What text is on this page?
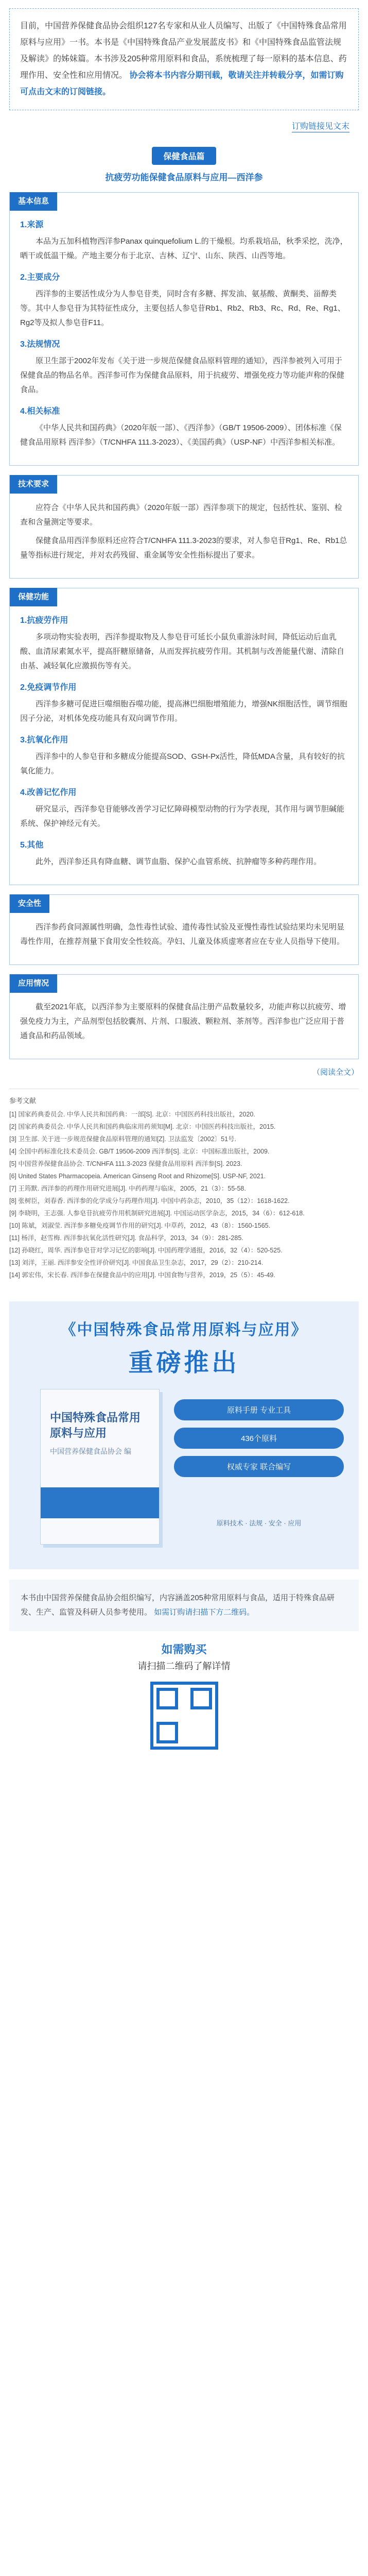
目前，中国营养保健食品协会组织127名专家和从业人员编写、出版了《中国特殊食品常用原料与应用》一书。本书是《中国特殊食品产业发展蓝皮书》和《中国特殊食品监管法规及解读》的姊妹篇。本书涉及205种常用原料和食品，系统梳理了每一原料的基本信息、药理作用、安全性和应用情况。 协会将本书内容分期刊载，敬请关注并转载分享，如需订购可点击文末的订阅链接。
订购链接见文末
保健食品篇
抗疲劳功能保健食品原料与应用—西洋参
基本信息
1.来源

本品为五加科植物西洋参Panax quinquefolium L.的干燥根。均系栽培品，秋季采挖，洗净，晒干或低温干燥。产地主要分布于北京、吉林、辽宁、山东、陕西、山西等地。

2.主要成分

西洋参的主要活性成分为人参皂苷类，同时含有多糖、挥发油、氨基酸、黄酮类、甾醇类等。其中人参皂苷为其特征性成分，主要包括人参皂苷Rb1、Rb2、Rb3、Rc、Rd、Re、Rg1、Rg2等及拟人参皂苷F11。

3.法规情况

原卫生部于2002年发布《关于进一步规范保健食品原料管理的通知》，西洋参被列入可用于保健食品的物品名单。西洋参可作为保健食品原料，用于抗疲劳、增强免疫力等功能声称的保健食品。

4.相关标准

《中华人民共和国药典》（2020年版一部）、《西洋参》（GB/T 19506-2009）、团体标准《保健食品用原料 西洋参》（T/CNHFA 111.3-2023）、《美国药典》（USP-NF）中西洋参相关标准。

技术要求

应符合《中华人民共和国药典》（2020年版一部）西洋参项下的规定，包括性状、鉴别、检查和含量测定等要求。

保健食品用西洋参原料还应符合T/CNHFA 111.3-2023的要求，对人参皂苷Rg1、Re、Rb1总量等指标进行规定，并对农药残留、重金属等安全性指标提出了要求。

保健功能
1.抗疲劳作用

多项动物实验表明，西洋参提取物及人参皂苷可延长小鼠负重游泳时间，降低运动后血乳酸、血清尿素氮水平，提高肝糖原储备，从而发挥抗疲劳作用。其机制与改善能量代谢、清除自由基、减轻氧化应激损伤等有关。

2.免疫调节作用

西洋参多糖可促进巨噬细胞吞噬功能，提高淋巴细胞增殖能力，增强NK细胞活性，调节细胞因子分泌，对机体免疫功能具有双向调节作用。

3.抗氧化作用

西洋参中的人参皂苷和多糖成分能提高SOD、GSH-Px活性，降低MDA含量，具有较好的抗氧化能力。

4.改善记忆作用

研究显示，西洋参皂苷能够改善学习记忆障碍模型动物的行为学表现，其作用与调节胆碱能系统、保护神经元有关。

5.其他

此外，西洋参还具有降血糖、调节血脂、保护心血管系统、抗肿瘤等多种药理作用。

安全性

西洋参药食同源属性明确，急性毒性试验、遗传毒性试验及亚慢性毒性试验结果均未见明显毒性作用，在推荐剂量下食用安全性较高。孕妇、儿童及体质虚寒者应在专业人员指导下使用。

应用情况

截至2021年底，以西洋参为主要原料的保健食品注册产品数量较多，功能声称以抗疲劳、增强免疫力为主，产品剂型包括胶囊剂、片剂、口服液、颗粒剂、茶剂等。西洋参也广泛应用于普通食品和药品领域。

（阅读全文）
参考文献

[1] 国家药典委员会. 中华人民共和国药典：一部[S]. 北京：中国医药科技出版社，2020.

[2] 国家药典委员会. 中华人民共和国药典临床用药须知[M]. 北京：中国医药科技出版社，2015.

[3] 卫生部. 关于进一步规范保健食品原料管理的通知[Z]. 卫法监发〔2002〕51号.

[4] 全国中药标准化技术委员会. GB/T 19506-2009 西洋参[S]. 北京：中国标准出版社，2009.

[5] 中国营养保健食品协会. T/CNHFA 111.3-2023 保健食品用原料 西洋参[S]. 2023.

[6] United States Pharmacopeia. American Ginseng Root and Rhizome[S]. USP-NF, 2021.

[7] 王筠默. 西洋参的药理作用研究进展[J]. 中药药理与临床，2005，21（3）：55-58.

[8] 张树臣，刘春香. 西洋参的化学成分与药理作用[J]. 中国中药杂志，2010，35（12）：1618-1622.

[9] 李晓明，王志强. 人参皂苷抗疲劳作用机制研究进展[J]. 中国运动医学杂志，2015，34（6）：612-618.

[10] 陈斌，刘淑莹. 西洋参多糖免疫调节作用的研究[J]. 中草药，2012，43（8）：1560-1565.

[11] 杨洋，赵雪梅. 西洋参抗氧化活性研究[J]. 食品科学，2013，34（9）：281-285.

[12] 孙晓红，周华. 西洋参皂苷对学习记忆的影响[J]. 中国药理学通报，2016，32（4）：520-525.

[13] 刘洋，王丽. 西洋参安全性评价研究[J]. 中国食品卫生杂志，2017，29（2）：210-214.

[14] 郭宏伟，宋长春. 西洋参在保健食品中的应用[J]. 中国食物与营养，2019，25（5）：45-49.

《中国特殊食品常用原料与应用》
重磅推出
中国特殊食品常用原料与应用
中国营养保健食品协会 编
原料手册 专业工具
436个原料
权威专家 联合编写
原料技术 · 法规 · 安全 · 应用
本书由中国营养保健食品协会组织编写，内容涵盖205种常用原料与食品，适用于特殊食品研发、生产、监管及科研人员参考使用。 如需订购请扫描下方二维码。
如需购买
请扫描二维码了解详情
